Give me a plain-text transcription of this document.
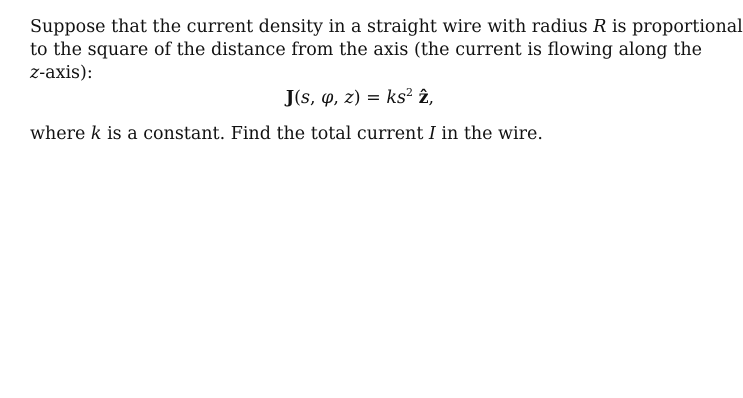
Suppose that the current density in a straight wire with radius R is proportional
to the square of the distance from the axis (the current is flowing along the
z-axis):
J(s, φ, $z) = ks^2$ ẑ,
where k is a constant. Find the total current I in the wire.
